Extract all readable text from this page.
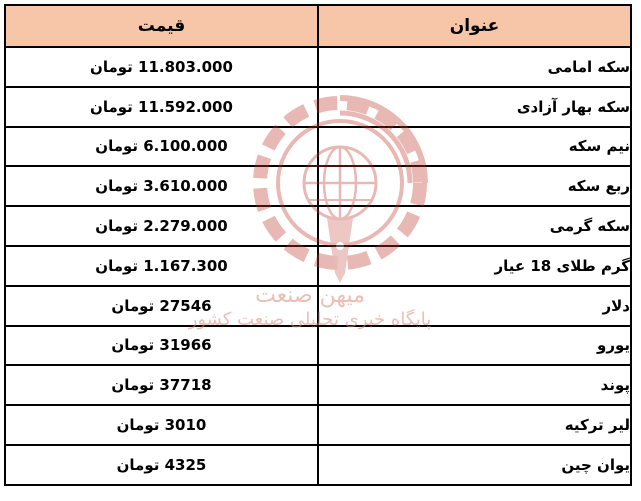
عنوان	قیمت
سکه امامی	11.803.000 تومان
سکه بهار آزادی	11.592.000 تومان
نیم سکه	6.100.000 تومان
ربع سکه	3.610.000 تومان
سکه گرمی	2.279.000 تومان
گرم طلای 18 عیار	1.167.300 تومان
دلار	27546 تومان
یورو	31966 تومان
پوند	37718 تومان
لیر ترکیه	3010 تومان
یوان چین	4325 تومان
میهن صنعت
پایگاه خبری تحلیلی صنعت کشور
